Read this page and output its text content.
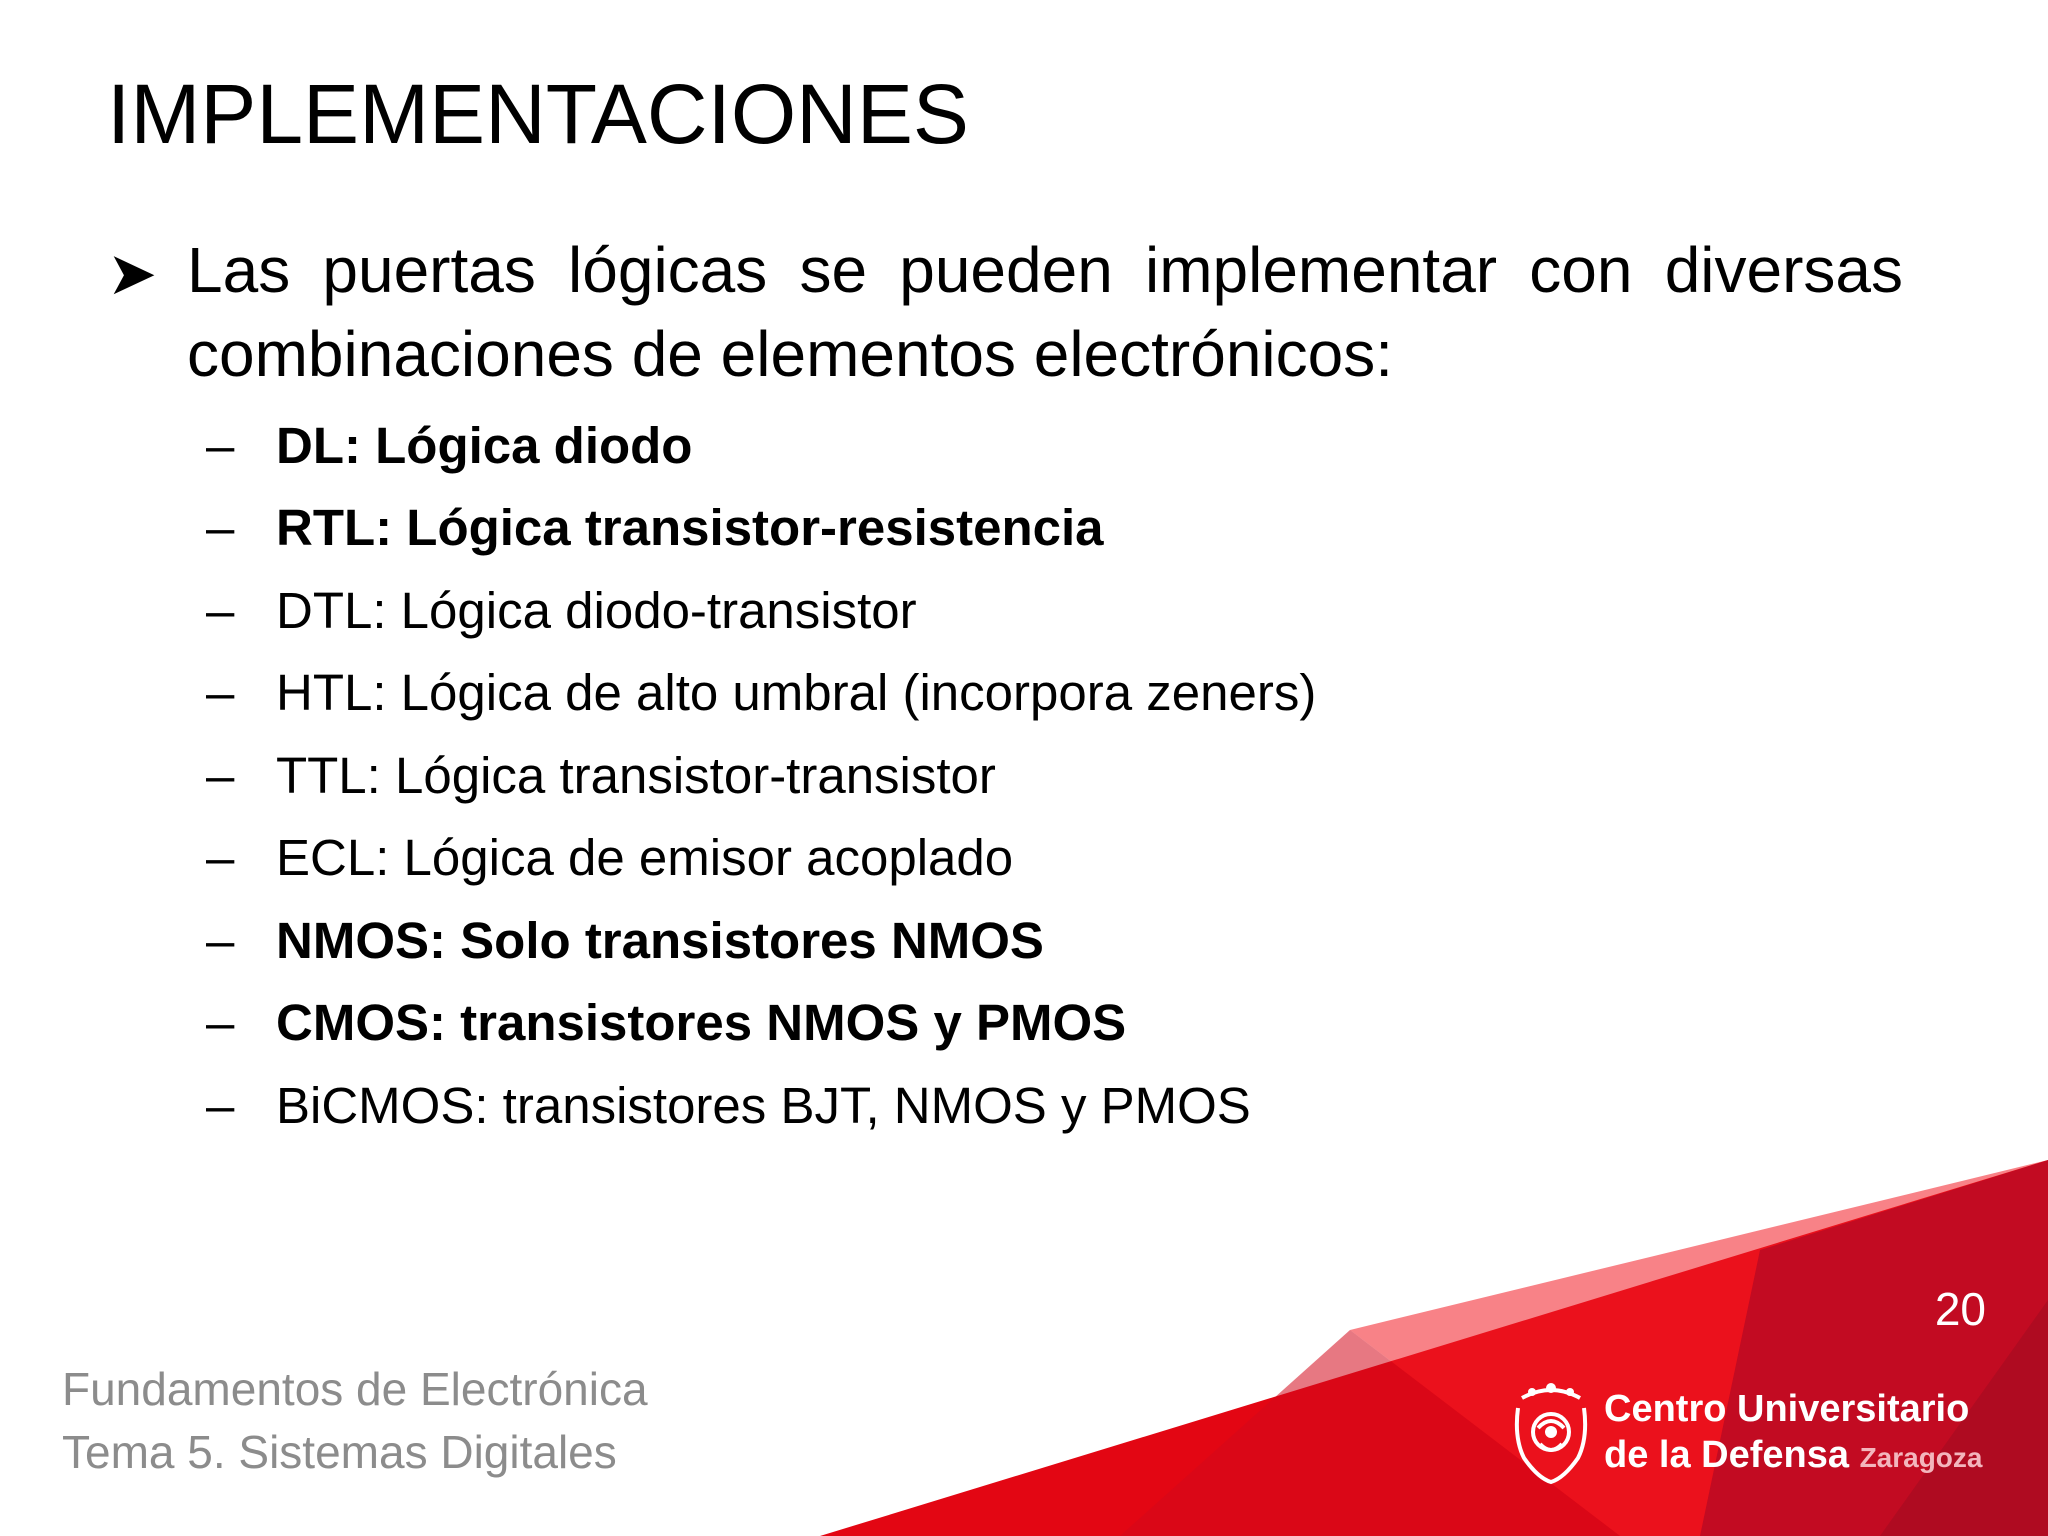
IMPLEMENTACIONES
➤ Las puertas lógicas se pueden implementar con diversas combinaciones de elementos electrónicos:
– DL: Lógica diodo
– RTL: Lógica transistor-resistencia
– DTL: Lógica diodo-transistor
– HTL: Lógica de alto umbral (incorpora zeners)
– TTL: Lógica transistor-transistor
– ECL: Lógica de emisor acoplado
– NMOS: Solo transistores NMOS
– CMOS: transistores NMOS y PMOS
– BiCMOS: transistores BJT, NMOS y PMOS
20
Fundamentos de Electrónica
Tema 5. Sistemas Digitales
Centro Universitario
de la Defensa Zaragoza
